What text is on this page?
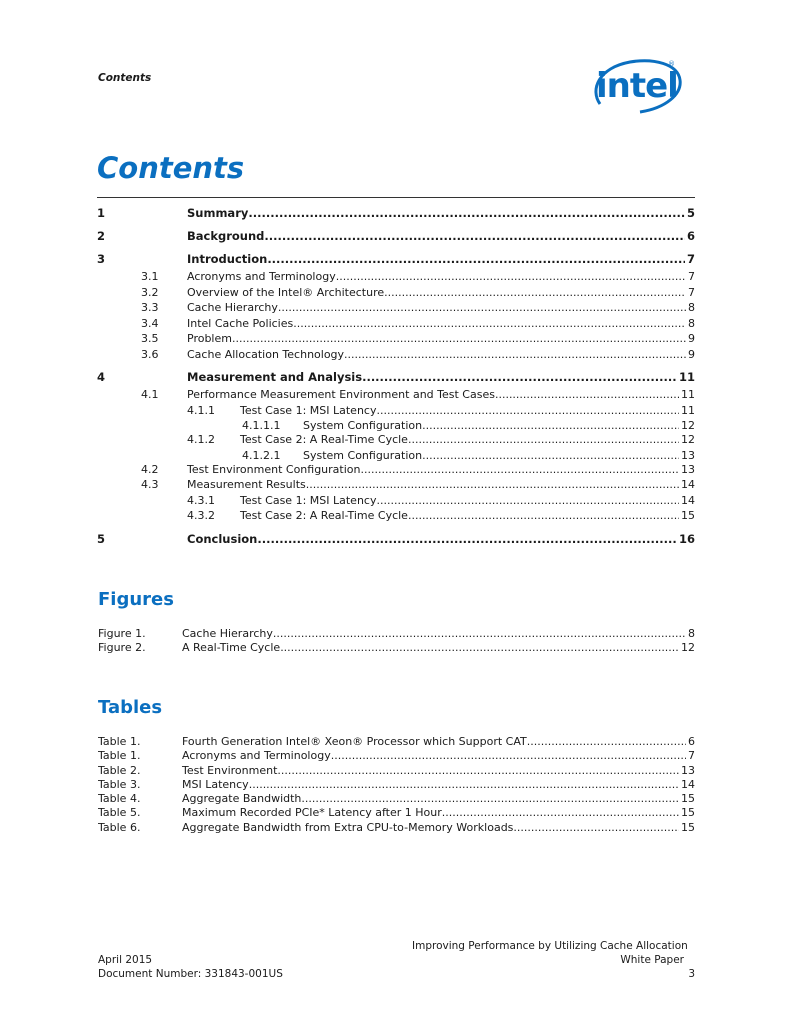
Contents	intel
®
Contents
1	Summary .....	5
2	Background .....	6
3	Introduction .....	7
3.1	Acronyms and Terminology .....	7
3.2	Overview of the Intel® Architecture .....	7
3.3	Cache Hierarchy .....	8
3.4	Intel Cache Policies .....	8
3.5	Problem .....	9
3.6	Cache Allocation Technology .....	9
4	Measurement and Analysis .....	11
4.1	Performance Measurement Environment and Test Cases .....	11
4.1.1	Test Case 1: MSI Latency .....	11
4.1.1.1	System Configuration .....	12
4.1.2	Test Case 2: A Real-Time Cycle .....	12
4.1.2.1	System Configuration .....	13
4.2	Test Environment Configuration .....	13
4.3	Measurement Results .....	14
4.3.1	Test Case 1: MSI Latency .....	14
4.3.2	Test Case 2: A Real-Time Cycle .....	15
5	Conclusion .....	16
Figures
Figure 1.	Cache Hierarchy .....	8
Figure 2.	A Real-Time Cycle .....	12
Tables
Table 1.	Fourth Generation Intel® Xeon® Processor which Support CAT .....	6
Table 1.	Acronyms and Terminology .....	7
Table 2.	Test Environment .....	13
Table 3.	MSI Latency .....	14
Table 4.	Aggregate Bandwidth .....	15
Table 5.	Maximum Recorded PCIe* Latency after 1 Hour .....	15
Table 6.	Aggregate Bandwidth from Extra CPU-to-Memory Workloads .....	15
Improving Performance by Utilizing Cache Allocation
April 2015	White Paper
Document Number: 331843-001US	3
